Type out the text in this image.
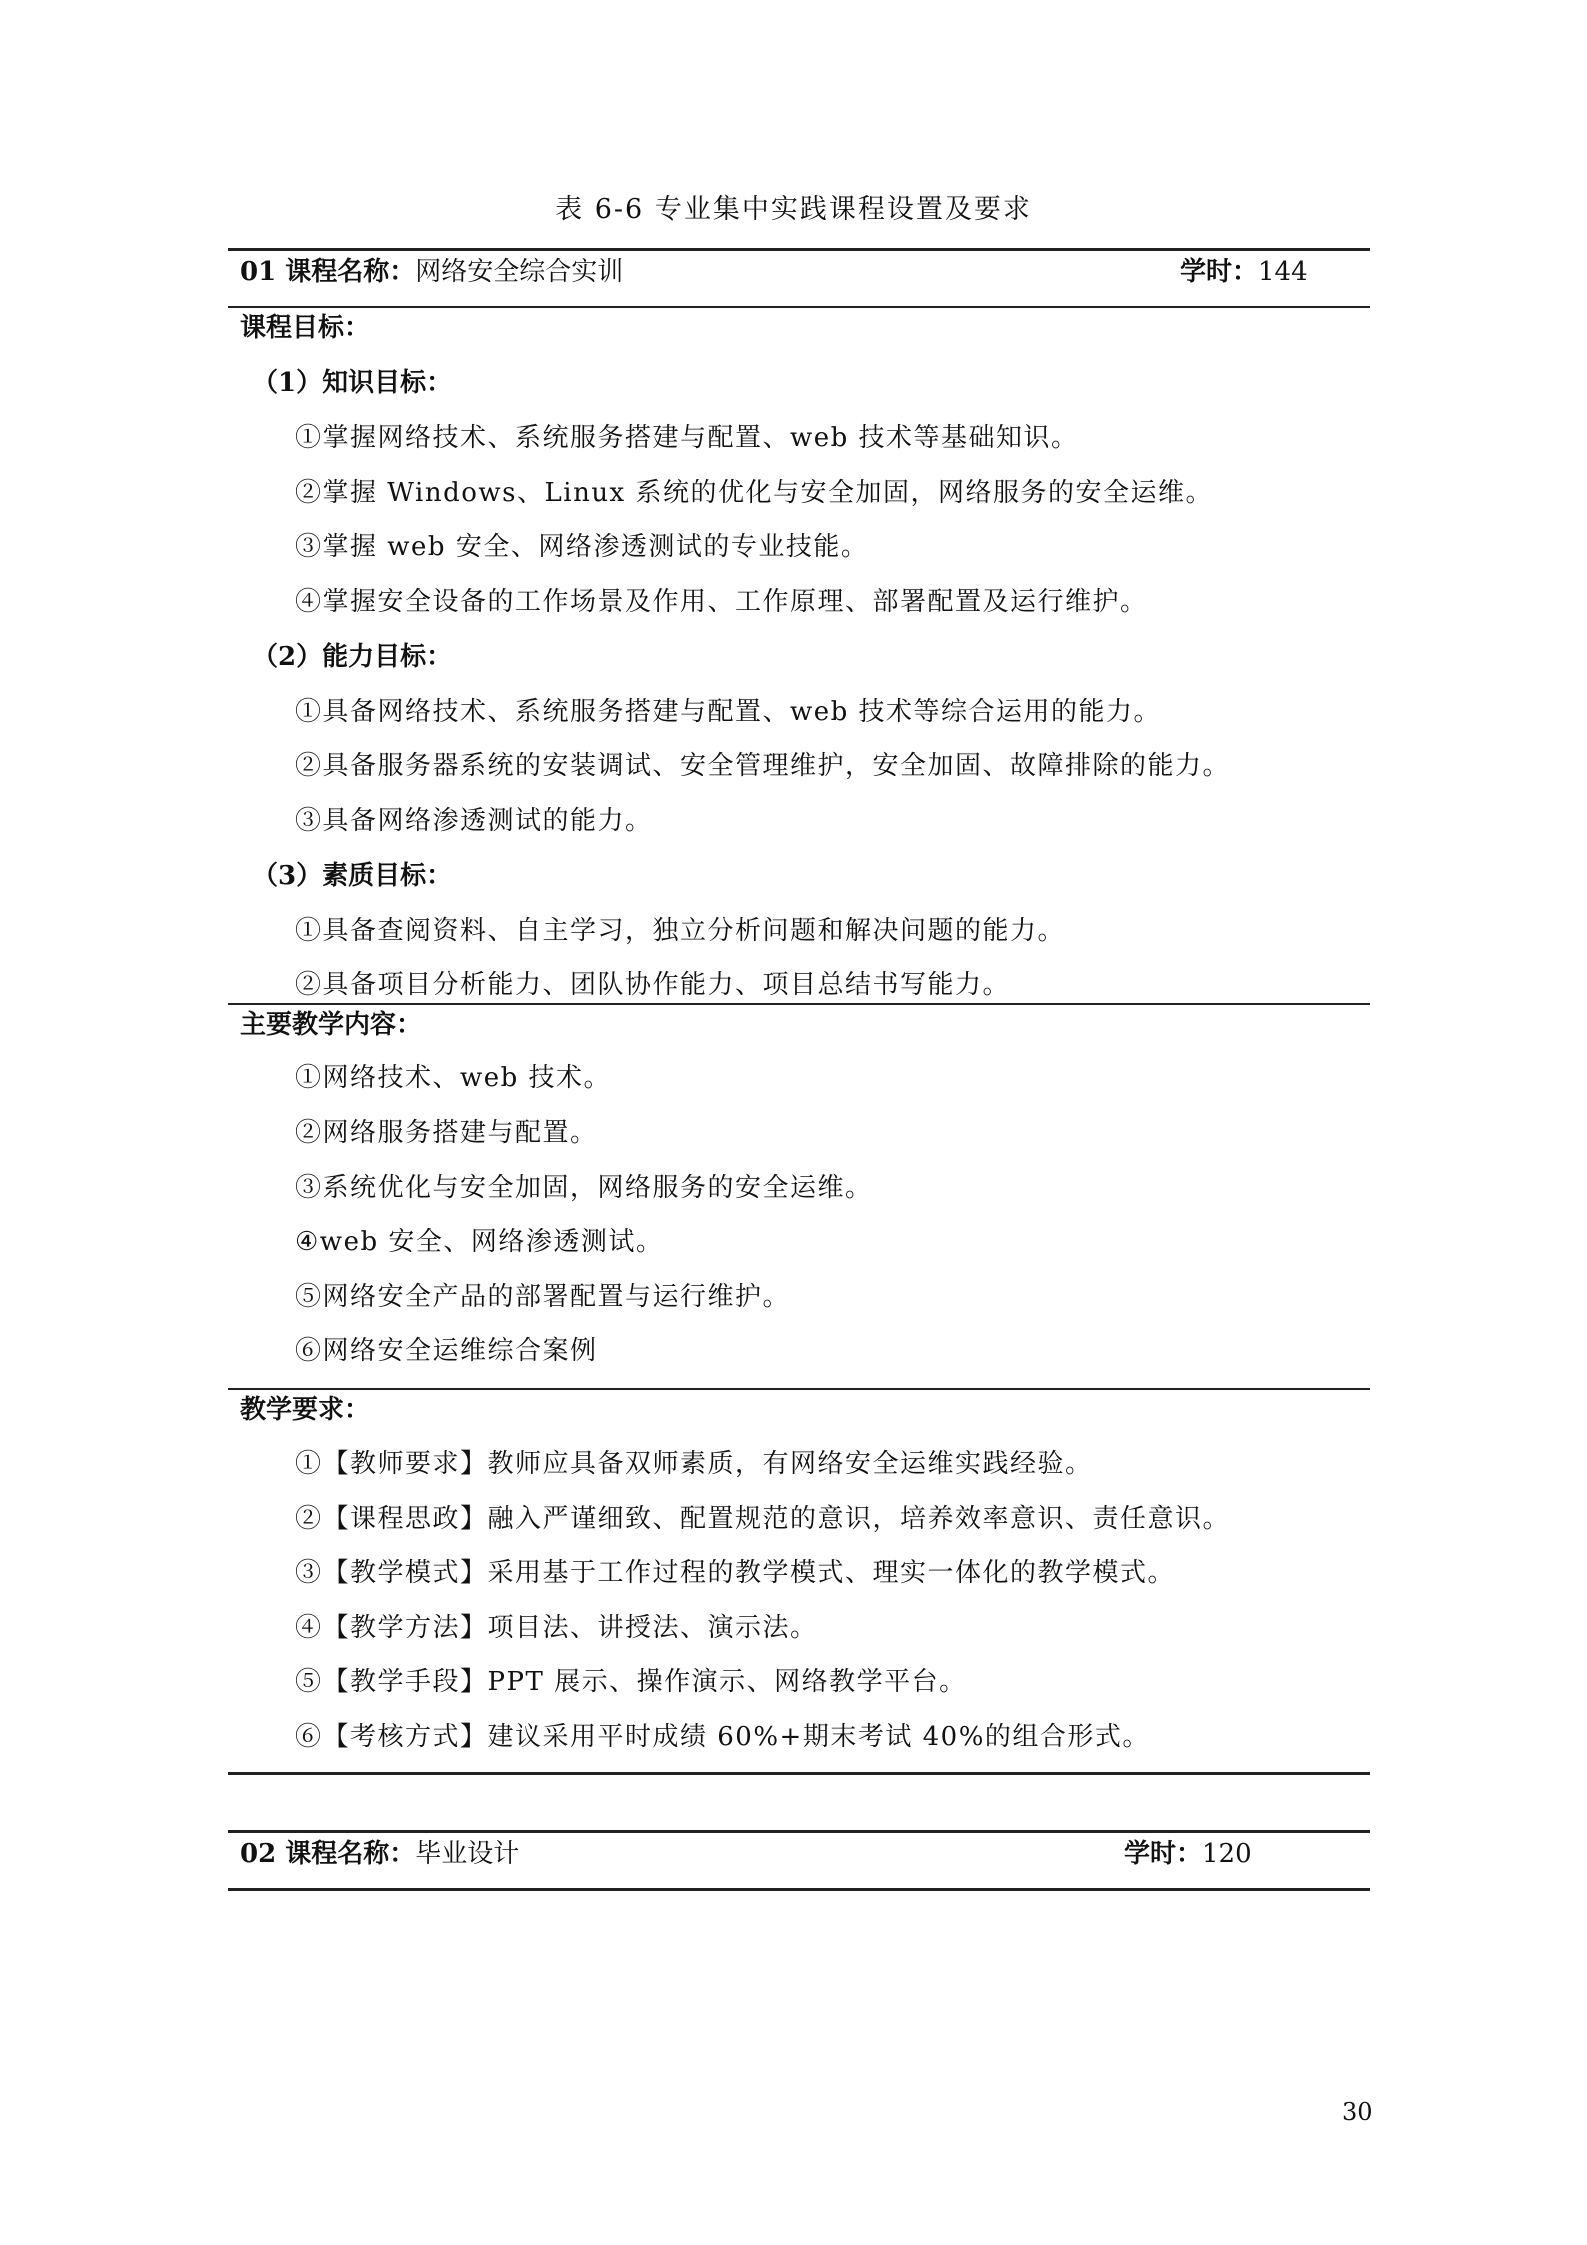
表 6-6 专业集中实践课程设置及要求
01 课程名称：网络安全综合实训	学时：144
课程目标：
（1）知识目标：
①掌握网络技术、系统服务搭建与配置、web 技术等基础知识。
②掌握 Windows、Linux 系统的优化与安全加固，网络服务的安全运维。
③掌握 web 安全、网络渗透测试的专业技能。
④掌握安全设备的工作场景及作用、工作原理、部署配置及运行维护。
（2）能力目标：
①具备网络技术、系统服务搭建与配置、web 技术等综合运用的能力。
②具备服务器系统的安装调试、安全管理维护，安全加固、故障排除的能力。
③具备网络渗透测试的能力。
（3）素质目标：
①具备查阅资料、自主学习，独立分析问题和解决问题的能力。
②具备项目分析能力、团队协作能力、项目总结书写能力。
主要教学内容：
①网络技术、web 技术。
②网络服务搭建与配置。
③系统优化与安全加固，网络服务的安全运维。
④web 安全、网络渗透测试。
⑤网络安全产品的部署配置与运行维护。
⑥网络安全运维综合案例
教学要求：
①【教师要求】教师应具备双师素质，有网络安全运维实践经验。
②【课程思政】融入严谨细致、配置规范的意识，培养效率意识、责任意识。
③【教学模式】采用基于工作过程的教学模式、理实一体化的教学模式。
④【教学方法】项目法、讲授法、演示法。
⑤【教学手段】PPT 展示、操作演示、网络教学平台。
⑥【考核方式】建议采用平时成绩 60%+期末考试 40%的组合形式。
02 课程名称：毕业设计	学时：120
30
